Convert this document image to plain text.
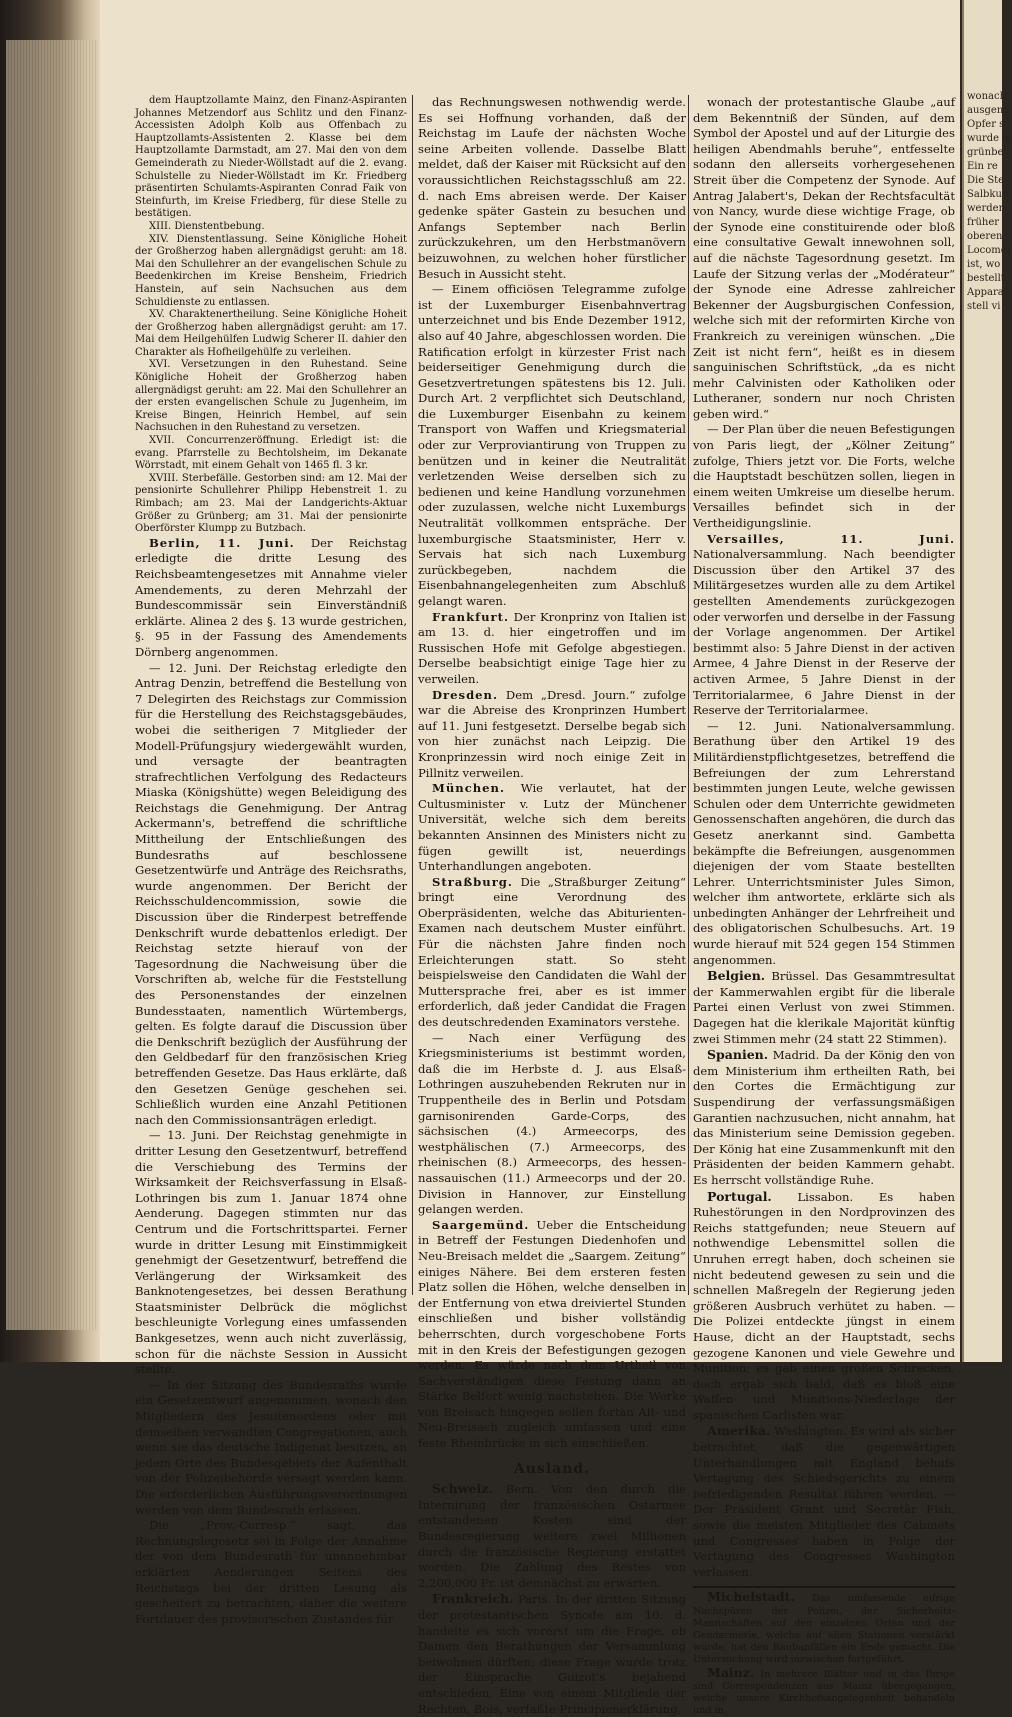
dem Hauptzollamte Mainz, den Finanz-Aspiranten Johannes Metzendorf aus Schlitz und den Finanz-Accessisten Adolph Kolb aus Offenbach zu Hauptzollamts-Assistenten 2. Klasse bei dem Hauptzollamte Darmstadt, am 27. Mai den von dem Gemeinderath zu Nieder-Wöllstadt auf die 2. evang. Schulstelle zu Nieder-Wöllstadt im Kr. Friedberg präsentirten Schulamts-Aspiranten Conrad Faik von Steinfurth, im Kreise Friedberg, für diese Stelle zu bestätigen.

XIII. Dienstentbebung.

XIV. Dienstentlassung. Seine Königliche Hoheit der Großherzog haben allergnädigst geruht: am 18. Mai den Schullehrer an der evangelischen Schule zu Beedenkirchen im Kreise Bensheim, Friedrich Hanstein, auf sein Nachsuchen aus dem Schuldienste zu entlassen.

XV. Charaktenertheilung. Seine Königliche Hoheit der Großherzog haben allergnädigst geruht: am 17. Mai dem Heilgehülfen Ludwig Scherer II. dahier den Charakter als Hofheilgehülfe zu verleihen.

XVI. Versetzungen in den Ruhestand. Seine Königliche Hoheit der Großherzog haben allergnädigst geruht: am 22. Mai den Schullehrer an der ersten evangelischen Schule zu Jugenheim, im Kreise Bingen, Heinrich Hembel, auf sein Nachsuchen in den Ruhestand zu versetzen.

XVII. Concurrenzeröffnung. Erledigt ist: die evang. Pfarrstelle zu Bechtolsheim, im Dekanate Wörrstadt, mit einem Gehalt von 1465 fl. 3 kr.

XVIII. Sterbefälle. Gestorben sind: am 12. Mai der pensionirte Schullehrer Philipp Hebenstreit 1. zu Rimbach; am 23. Mai der Landgerichts-Aktuar Größer zu Grünberg; am 31. Mai der pensionirte Oberförster Klumpp zu Butzbach.

Berlin, 11. Juni. Der Reichstag erledigte die dritte Lesung des Reichsbeamtengesetzes mit Annahme vieler Amendements, zu deren Mehrzahl der Bundescommissär sein Einverständniß erklärte. Alinea 2 des §. 13 wurde gestrichen, §. 95 in der Fassung des Amendements Dörnberg angenommen.

— 12. Juni. Der Reichstag erledigte den Antrag Denzin, betreffend die Bestellung von 7 Delegirten des Reichstags zur Commission für die Herstellung des Reichstagsgebäudes, wobei die seitherigen 7 Mitglieder der Modell-Prüfungsjury wiedergewählt wurden, und versagte der beantragten strafrechtlichen Verfolgung des Redacteurs Miaska (Königshütte) wegen Beleidigung des Reichstags die Genehmigung. Der Antrag Ackermann's, betreffend die schriftliche Mittheilung der Entschließungen des Bundesraths auf beschlossene Gesetzentwürfe und Anträge des Reichsraths, wurde angenommen. Der Bericht der Reichsschuldencommission, sowie die Discussion über die Rinderpest betreffende Denkschrift wurde debattenlos erledigt. Der Reichstag setzte hierauf von der Tagesordnung die Nachweisung über die Vorschriften ab, welche für die Feststellung des Personenstandes der einzelnen Bundesstaaten, namentlich Würtembergs, gelten. Es folgte darauf die Discussion über die Denkschrift bezüglich der Ausführung der den Geldbedarf für den französischen Krieg betreffenden Gesetze. Das Haus erklärte, daß den Gesetzen Genüge geschehen sei. Schließlich wurden eine Anzahl Petitionen nach den Commissionsanträgen erledigt.

— 13. Juni. Der Reichstag genehmigte in dritter Lesung den Gesetzentwurf, betreffend die Verschiebung des Termins der Wirksamkeit der Reichsverfassung in Elsaß-Lothringen bis zum 1. Januar 1874 ohne Aenderung. Dagegen stimmten nur das Centrum und die Fortschrittspartei. Ferner wurde in dritter Lesung mit Einstimmigkeit genehmigt der Gesetzentwurf, betreffend die Verlängerung der Wirksamkeit des Banknotengesetzes, bei dessen Berathung Staatsminister Delbrück die möglichst beschleunigte Vorlegung eines umfassenden Bankgesetzes, wenn auch nicht zuverlässig, schon für die nächste Session in Aussicht stellte.

— In der Sitzung des Bundesraths wurde ein Gesetzentwurf angenommen, wonach den Mitgliedern des Jesuitenordens oder mit demselben verwandten Congregationen, auch wenn sie das deutsche Indigenat besitzen, an jedem Orte des Bundesgebiets der Aufenthalt von der Polizeibehörde versagt werden kann. Die erforderlichen Ausführungsverordnungen werden von dem Bundesrath erlassen.

Die „Prov.-Corresp.“ sagt, das Rechnungslegesetz sei in Folge der Annahme der von dem Bundesrath für unannehmbar erklärten Aenderungen Seitens des Reichstags bei der dritten Lesung als gescheitert zu betrachten, daher die weitere Fortdauer des provisorischen Zustandes für

das Rechnungswesen nothwendig werde. Es sei Hoffnung vorhanden, daß der Reichstag im Laufe der nächsten Woche seine Arbeiten vollende. Dasselbe Blatt meldet, daß der Kaiser mit Rücksicht auf den voraussichtlichen Reichstagsschluß am 22. d. nach Ems abreisen werde. Der Kaiser gedenke später Gastein zu besuchen und Anfangs September nach Berlin zurückzukehren, um den Herbstmanövern beizuwohnen, zu welchen hoher fürstlicher Besuch in Aussicht steht.

— Einem officiösen Telegramme zufolge ist der Luxemburger Eisenbahnvertrag unterzeichnet und bis Ende Dezember 1912, also auf 40 Jahre, abgeschlossen worden. Die Ratification erfolgt in kürzester Frist nach beiderseitiger Genehmigung durch die Gesetzvertretungen spätestens bis 12. Juli. Durch Art. 2 verpflichtet sich Deutschland, die Luxemburger Eisenbahn zu keinem Transport von Waffen und Kriegsmaterial oder zur Verproviantirung von Truppen zu benützen und in keiner die Neutralität verletzenden Weise derselben sich zu bedienen und keine Handlung vorzunehmen oder zuzulassen, welche nicht Luxemburgs Neutralität vollkommen entspräche. Der luxemburgische Staatsminister, Herr v. Servais hat sich nach Luxemburg zurückbegeben, nachdem die Eisenbahnangelegenheiten zum Abschluß gelangt waren.

Frankfurt. Der Kronprinz von Italien ist am 13. d. hier eingetroffen und im Russischen Hofe mit Gefolge abgestiegen. Derselbe beabsichtigt einige Tage hier zu verweilen.

Dresden. Dem „Dresd. Journ.“ zufolge war die Abreise des Kronprinzen Humbert auf 11. Juni festgesetzt. Derselbe begab sich von hier zunächst nach Leipzig. Die Kronprinzessin wird noch einige Zeit in Pillnitz verweilen.

München. Wie verlautet, hat der Cultusminister v. Lutz der Münchener Universität, welche sich dem bereits bekannten Ansinnen des Ministers nicht zu fügen gewillt ist, neuerdings Unterhandlungen angeboten.

Straßburg. Die „Straßburger Zeitung“ bringt eine Verordnung des Oberpräsidenten, welche das Abiturienten-Examen nach deutschem Muster einführt. Für die nächsten Jahre finden noch Erleichterungen statt. So steht beispielsweise den Candidaten die Wahl der Muttersprache frei, aber es ist immer erforderlich, daß jeder Candidat die Fragen des deutschredenden Examinators verstehe.

— Nach einer Verfügung des Kriegsministeriums ist bestimmt worden, daß die im Herbste d. J. aus Elsaß-Lothringen auszuhebenden Rekruten nur in Truppentheile des in Berlin und Potsdam garnisonirenden Garde-Corps, des sächsischen (4.) Armeecorps, des westphälischen (7.) Armeecorps, des rheinischen (8.) Armeecorps, des hessen-nassauischen (11.) Armeecorps und der 20. Division in Hannover, zur Einstellung gelangen werden.

Saargemünd. Ueber die Entscheidung in Betreff der Festungen Diedenhofen und Neu-Breisach meldet die „Saargem. Zeitung“ einiges Nähere. Bei dem ersteren festen Platz sollen die Höhen, welche denselben in der Entfernung von etwa dreiviertel Stunden einschließen und bisher vollständig beherrschten, durch vorgeschobene Forts mit in den Kreis der Befestigungen gezogen werden. Es würde nach dem Urtheil von Sachverständigen diese Festung dann an Stärke Belfort wenig nachstehen. Die Werke von Breisach hingegen sollen fortan Alt- und Neu-Breisach zugleich umfassen und eine feste Rheinbrücke in sich einschließen.

Ausland.

Schweiz. Bern. Von den durch die Internirung der französischen Ostarmee entstandenen Kosten sind der Bundesregierung weitere zwei Millionen durch die französische Regierung erstattet worden. Die Zahlung des Restes von 2,200,000 Fr. ist demnächst zu erwarten.

Frankreich. Paris. In der dritten Sitzung der protestantischen Synode am 10. d. handelte es sich vorerst um die Frage, ob Damen den Berathungen der Versammlung beiwohnen dürften; diese Frage wurde trotz der Einsprache Guizot's bejahend entschieden. Eine von einem Mitgliede der Rechten, Bois, verfaßte Principienerklärung,

wonach der protestantische Glaube „auf dem Bekenntniß der Sünden, auf dem Symbol der Apostel und auf der Liturgie des heiligen Abendmahls beruhe“, entfesselte sodann den allerseits vorhergesehenen Streit über die Competenz der Synode. Auf Antrag Jalabert's, Dekan der Rechtsfacultät von Nancy, wurde diese wichtige Frage, ob der Synode eine constituirende oder bloß eine consultative Gewalt innewohnen soll, auf die nächste Tagesordnung gesetzt. Im Laufe der Sitzung verlas der „Modérateur“ der Synode eine Adresse zahlreicher Bekenner der Augsburgischen Confession, welche sich mit der reformirten Kirche von Frankreich zu vereinigen wünschen. „Die Zeit ist nicht fern“, heißt es in diesem sanguinischen Schriftstück, „da es nicht mehr Calvinisten oder Katholiken oder Lutheraner, sondern nur noch Christen geben wird.“

— Der Plan über die neuen Befestigungen von Paris liegt, der „Kölner Zeitung“ zufolge, Thiers jetzt vor. Die Forts, welche die Hauptstadt beschützen sollen, liegen in einem weiten Umkreise um dieselbe herum. Versailles befindet sich in der Vertheidigungslinie.

Versailles, 11. Juni. Nationalversammlung. Nach beendigter Discussion über den Artikel 37 des Militärgesetzes wurden alle zu dem Artikel gestellten Amendements zurückgezogen oder verworfen und derselbe in der Fassung der Vorlage angenommen. Der Artikel bestimmt also: 5 Jahre Dienst in der activen Armee, 4 Jahre Dienst in der Reserve der activen Armee, 5 Jahre Dienst in der Territorialarmee, 6 Jahre Dienst in der Reserve der Territorialarmee.

— 12. Juni. Nationalversammlung. Berathung über den Artikel 19 des Militärdienstpflichtgesetzes, betreffend die Befreiungen der zum Lehrerstand bestimmten jungen Leute, welche gewissen Schulen oder dem Unterrichte gewidmeten Genossenschaften angehören, die durch das Gesetz anerkannt sind. Gambetta bekämpfte die Befreiungen, ausgenommen diejenigen der vom Staate bestellten Lehrer. Unterrichtsminister Jules Simon, welcher ihm antwortete, erklärte sich als unbedingten Anhänger der Lehrfreiheit und des obligatorischen Schulbesuchs. Art. 19 wurde hierauf mit 524 gegen 154 Stimmen angenommen.

Belgien. Brüssel. Das Gesammtresultat der Kammerwahlen ergibt für die liberale Partei einen Verlust von zwei Stimmen. Dagegen hat die klerikale Majorität künftig zwei Stimmen mehr (24 statt 22 Stimmen).

Spanien. Madrid. Da der König den von dem Ministerium ihm ertheilten Rath, bei den Cortes die Ermächtigung zur Suspendirung der verfassungsmäßigen Garantien nachzusuchen, nicht annahm, hat das Ministerium seine Demission gegeben. Der König hat eine Zusammenkunft mit den Präsidenten der beiden Kammern gehabt. Es herrscht vollständige Ruhe.

Portugal. Lissabon. Es haben Ruhestörungen in den Nordprovinzen des Reichs stattgefunden; neue Steuern auf nothwendige Lebensmittel sollen die Unruhen erregt haben, doch scheinen sie nicht bedeutend gewesen zu sein und die schnellen Maßregeln der Regierung jeden größeren Ausbruch verhütet zu haben. — Die Polizei entdeckte jüngst in einem Hause, dicht an der Hauptstadt, sechs gezogene Kanonen und viele Gewehre und Munition; es gab einen großen Schrecken, doch ergab sich bald, daß es bloß eine Waffen- und Munitions-Niederlage der spanischen Carlisten war.

Amerika. Washington. Es wird als sicher betrachtet, daß die gegenwärtigen Unterhandlungen mit England behufs Vertagung des Schiedsgerichts zu einem befriedigenden Resultat führen werden. — Der Präsident Grant und Secretär Fish, sowie die meisten Mitglieder des Cabinets und Congresses haben in Folge der Vertagung des Congresses Washington verlassen.

Michelstadt. Das umfassende eifrige Nachspüren der Polizei, der Sicherheits-Mannschaften auf den einzelnen Orten und der Gendarmerie, welche auf allen Stationen verstärkt wurde, hat den Raubanfällen ein Ende gemacht. Die Untersuchung wird inzwischen fortgeführt.

Mainz. In mehrere Blätter und in das Ihrige sind Correspondenzen aus Mainz übergegangen, welche unsere Kirchhofsangelegenheit behandeln und in

wonach
ausgeno
Opfer s
wurde bi
grünbet,
Ein re
Die Ste
Salbkuo
werden
früher
oberen
Locomot
ist, wo
bestellt
Apparat
stell vi
